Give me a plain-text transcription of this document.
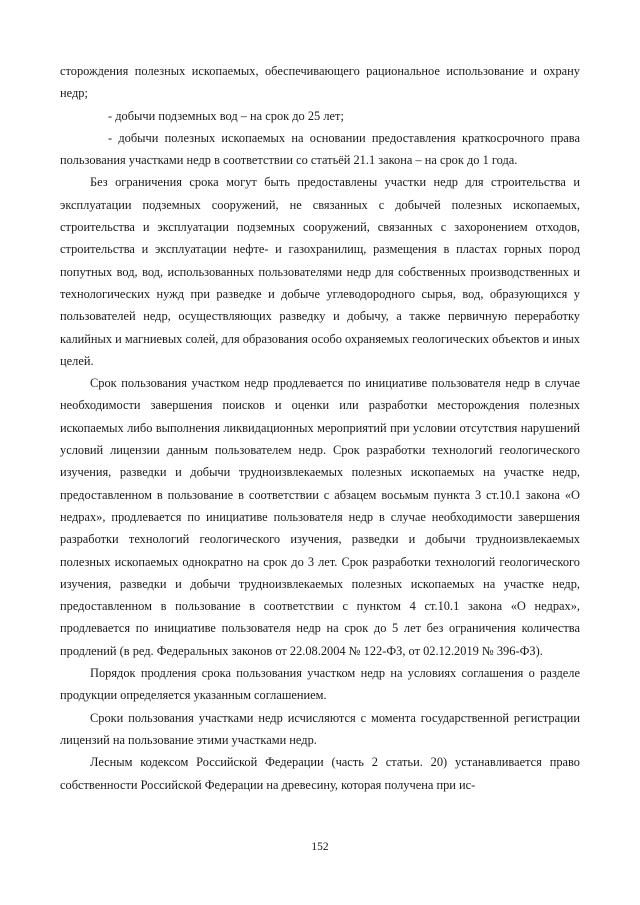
сторождения полезных ископаемых, обеспечивающего рациональное использование и охрану недр;

- добычи подземных вод – на срок до 25 лет;

- добычи полезных ископаемых на основании предоставления краткосрочного права пользования участками недр в соответствии со статьёй 21.1 закона – на срок до 1 года.

Без ограничения срока могут быть предоставлены участки недр для строительства и эксплуатации подземных сооружений, не связанных с добычей полезных ископаемых, строительства и эксплуатации подземных сооружений, связанных с захоронением отходов, строительства и эксплуатации нефте- и газохранилищ, размещения в пластах горных пород попутных вод, вод, использованных пользователями недр для собственных производственных и технологических нужд при разведке и добыче углеводородного сырья, вод, образующихся у пользователей недр, осуществляющих разведку и добычу, а также первичную переработку калийных и магниевых солей, для образования особо охраняемых геологических объектов и иных целей.

Срок пользования участком недр продлевается по инициативе пользователя недр в случае необходимости завершения поисков и оценки или разработки месторождения полезных ископаемых либо выполнения ликвидационных мероприятий при условии отсутствия нарушений условий лицензии данным пользователем недр. Срок разработки технологий геологического изучения, разведки и добычи трудноизвлекаемых полезных ископаемых на участке недр, предоставленном в пользование в соответствии с абзацем восьмым пункта 3 ст.10.1 закона «О недрах», продлевается по инициативе пользователя недр в случае необходимости завершения разработки технологий геологического изучения, разведки и добычи трудноизвлекаемых полезных ископаемых однократно на срок до 3 лет. Срок разработки технологий геологического изучения, разведки и добычи трудноизвлекаемых полезных ископаемых на участке недр, предоставленном в пользование в соответствии с пунктом 4 ст.10.1 закона «О недрах», продлевается по инициативе пользователя недр на срок до 5 лет без ограничения количества продлений (в ред. Федеральных законов от 22.08.2004 № 122-ФЗ, от 02.12.2019 № 396-ФЗ).

Порядок продления срока пользования участком недр на условиях соглашения о разделе продукции определяется указанным соглашением.

Сроки пользования участками недр исчисляются с момента государственной регистрации лицензий на пользование этими участками недр.

Лесным кодексом Российской Федерации (часть 2 статьи. 20) устанавливается право собственности Российской Федерации на древесину, которая получена при ис-

152
